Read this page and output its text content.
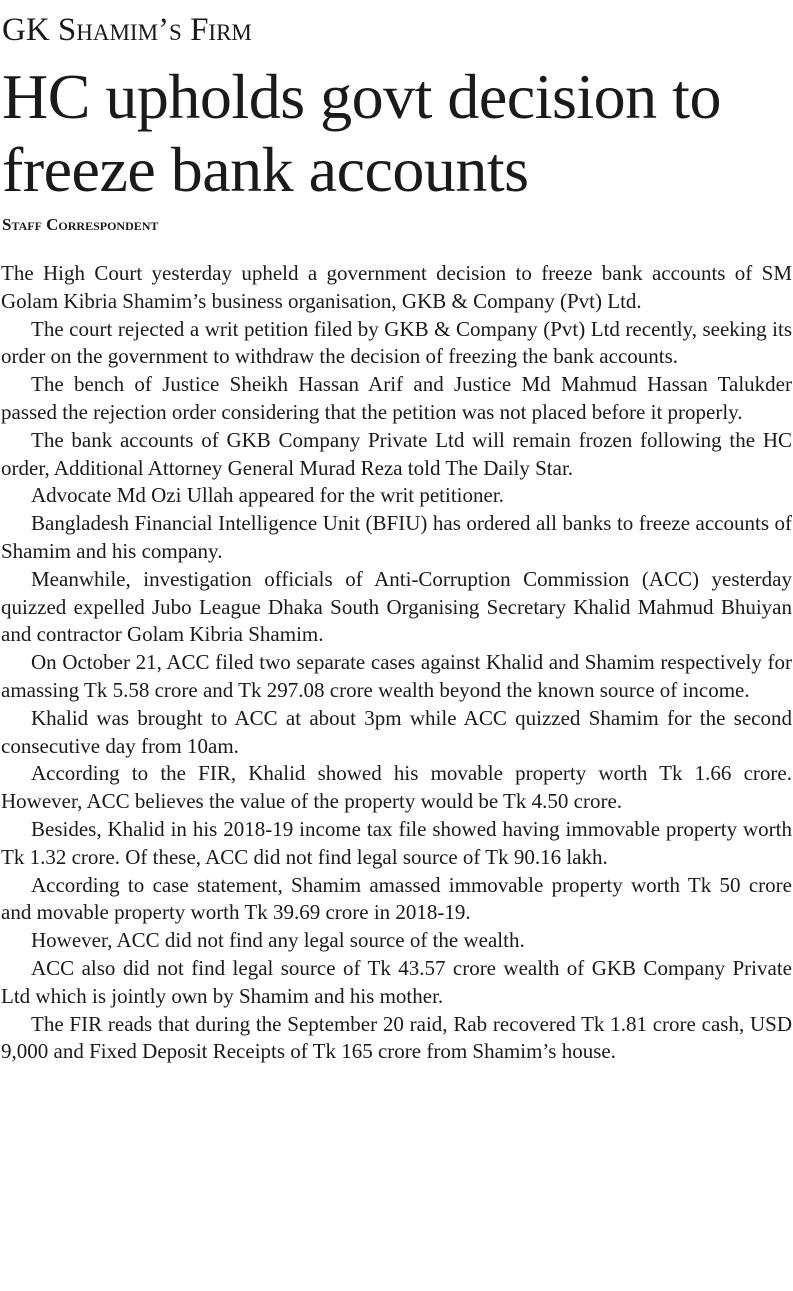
GK Shamim’s Firm
HC upholds govt decision to freeze bank accounts
Staff Correspondent

The High Court yesterday upheld a government decision to freeze bank accounts of SM Golam Kibria Shamim’s business organisation, GKB & Company (Pvt) Ltd.

The court rejected a writ petition filed by GKB & Company (Pvt) Ltd recently, seeking its order on the government to withdraw the decision of freezing the bank accounts.

The bench of Justice Sheikh Hassan Arif and Justice Md Mahmud Hassan Talukder passed the rejection order considering that the petition was not placed before it properly.

The bank accounts of GKB Company Private Ltd will remain frozen following the HC order, Additional Attorney General Murad Reza told The Daily Star.

Advocate Md Ozi Ullah appeared for the writ petitioner.

Bangladesh Financial Intelligence Unit (BFIU) has ordered all banks to freeze accounts of Shamim and his company.

Meanwhile, investigation officials of Anti-Corruption Commission (ACC) yesterday quizzed expelled Jubo League Dhaka South Organising Secretary Khalid Mahmud Bhuiyan and contractor Golam Kibria Shamim.

On October 21, ACC filed two separate cases against Khalid and Shamim respectively for amassing Tk 5.58 crore and Tk 297.08 crore wealth beyond the known source of income.

Khalid was brought to ACC at about 3pm while ACC quizzed Shamim for the second consecutive day from 10am.

According to the FIR, Khalid showed his movable property worth Tk 1.66 crore. However, ACC believes the value of the property would be Tk 4.50 crore.

Besides, Khalid in his 2018-19 income tax file showed having immovable property worth Tk 1.32 crore. Of these, ACC did not find legal source of Tk 90.16 lakh.

According to case statement, Shamim amassed immovable property worth Tk 50 crore and movable property worth Tk 39.69 crore in 2018-19.

However, ACC did not find any legal source of the wealth.

ACC also did not find legal source of Tk 43.57 crore wealth of GKB Company Private Ltd which is jointly own by Shamim and his mother.

The FIR reads that during the September 20 raid, Rab recovered Tk 1.81 crore cash, USD 9,000 and Fixed Deposit Receipts of Tk 165 crore from Shamim’s house.
